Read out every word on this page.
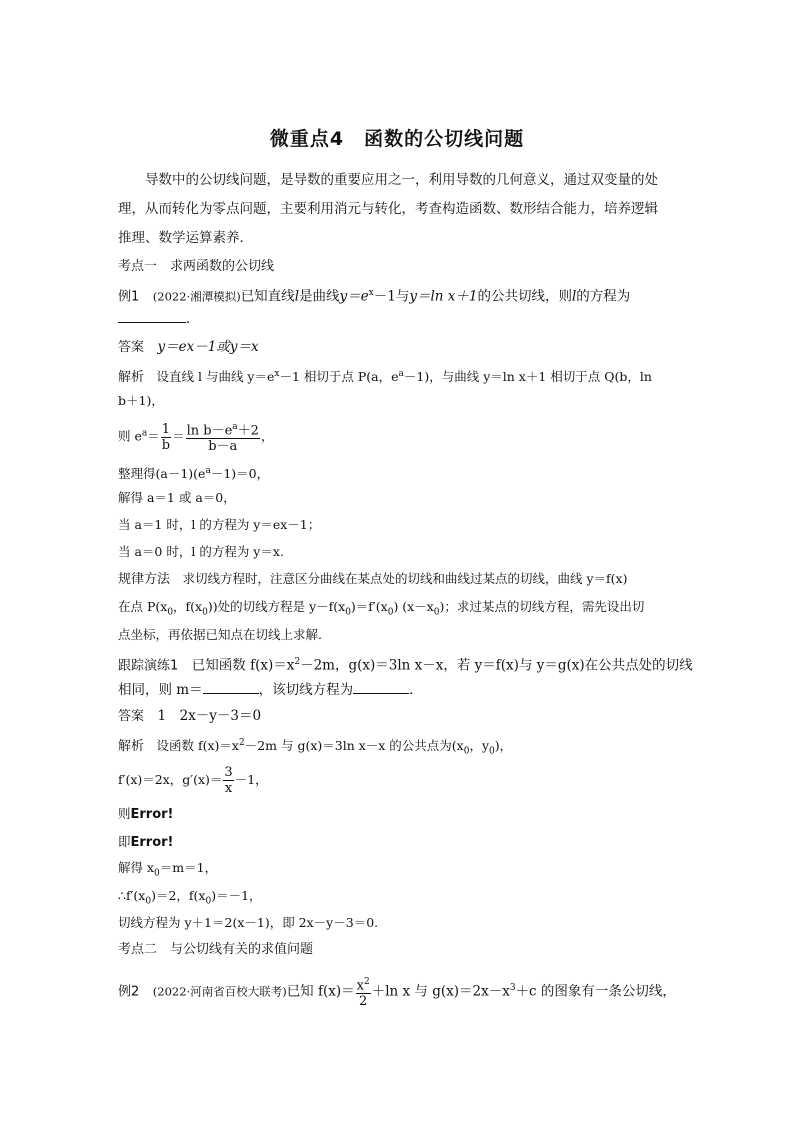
微重点4　函数的公切线问题
导数中的公切线问题，是导数的重要应用之一，利用导数的几何意义，通过双变量的处
理，从而转化为零点问题，主要利用消元与转化，考查构造函数、数形结合能力，培养逻辑
推理、数学运算素养．
考点一　求两函数的公切线
例1  (2022·湘潭模拟)已知直线l是曲线$y=e^x-1$与y＝ln x＋1的公共切线，则l的方程为
．
答案  y＝ex－1或y＝x
解析  设直线 l 与曲线 $y=e^x-1$ 相切于点 P(a，$e^a-1$)，与曲线 y＝ln x＋1 相切于点 Q(b，ln
b＋1)，
则 $e^a= \frac{1}{b} = \frac{\ln b-e^a+2}{b-a}$ ，
整理得$(a-1)(e^a-1)=0$，
解得 a＝1 或 a＝0，
当 a＝1 时，l 的方程为 y＝ex－1；
当 a＝0 时，l 的方程为 y＝x.
规律方法  求切线方程时，注意区分曲线在某点处的切线和曲线过某点的切线，曲线 y＝f(x)
在点 $P(x_0$，$f(x_0)$)处的切线方程是 $y-f(x_0)=f'(x_0)$ $(x-x_0)$；求过某点的切线方程，需先设出切
点坐标，再依据已知点在切线上求解.
跟踪演练1  已知函数 $f(x)=x^2-2m$，g(x)＝3ln x－x，若 y＝f(x)与 y＝g(x)在公共点处的切线
相同，则 m＝	，该切线方程为	．
答案  1　2x－y－3＝0
解析  设函数 $f(x)=x^2-2m$ 与 g(x)＝3ln x－x 的公共点为($x_0$，$y_0$)，
f′(x)＝2x，$g'(x)= \frac{3}{x} -1$，
则Error!
即Error!
解得 $x_0=m=1$，
$\therefore f'(x_0)=2$，$f(x_0)=-1$，
切线方程为 y＋1＝2(x－1)，即 2x－y－3＝0.
考点二　与公切线有关的求值问题
例2  (2022·河南省百校大联考)已知 $f(x)= \frac{x^2}{2} +\ln$ x 与 $g(x)=2x-x^3+c$ 的图象有一条公切线，
